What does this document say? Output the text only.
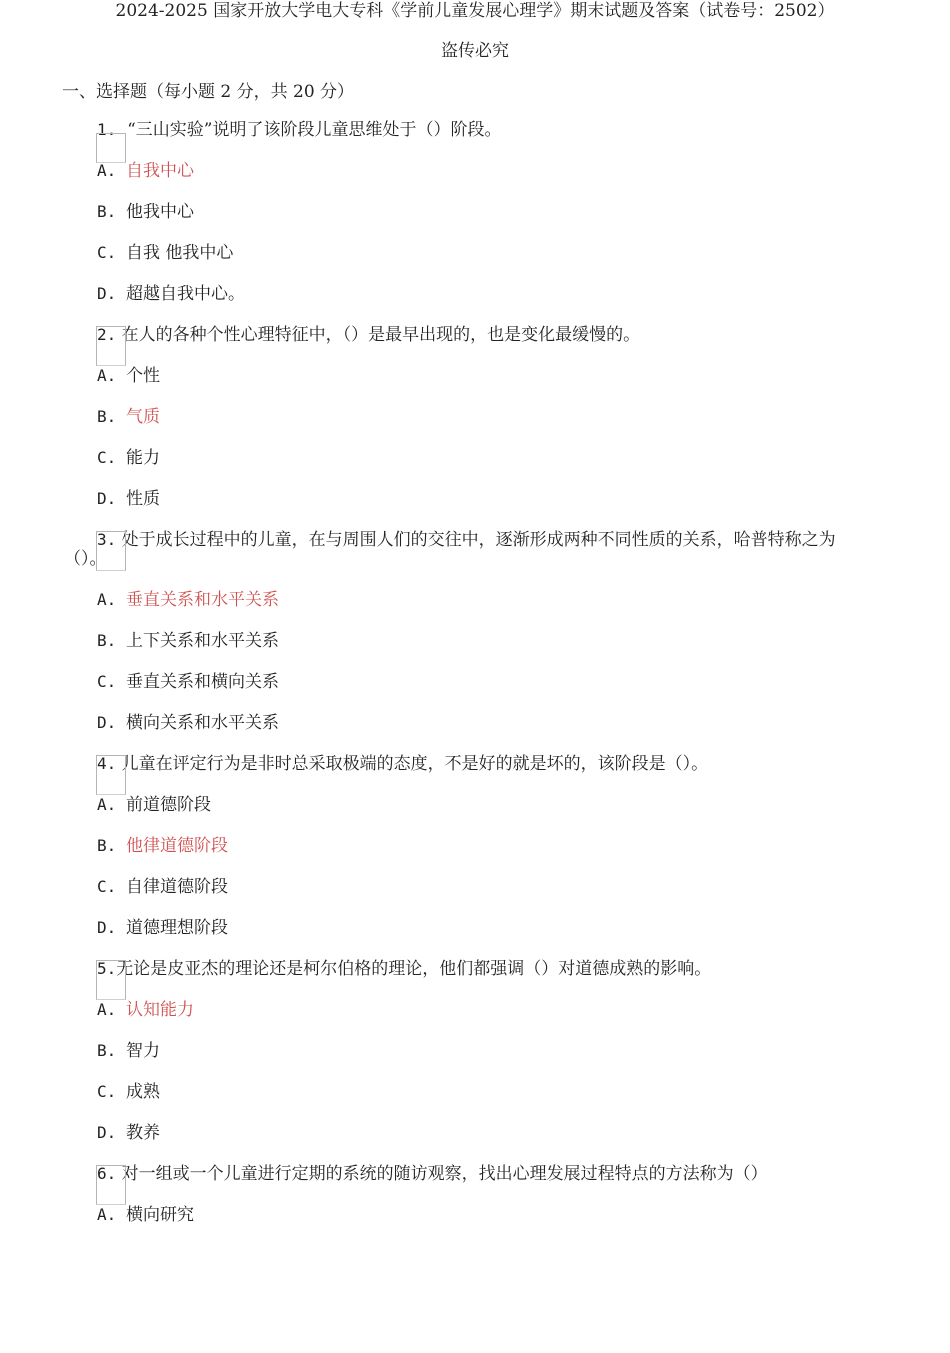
2024-2025 国家开放大学电大专科《学前儿童发展心理学》期末试题及答案（试卷号：2502）
盗传必究
一、选择题（每小题 2 分，共 20 分）
1. “三山实验”说明了该阶段儿童思维处于（）阶段。
A. 自我中心
B. 他我中心
C. 自我 他我中心
D. 超越自我中心。
2. 在人的各种个性心理特征中，（）是最早出现的，也是变化最缓慢的。
A. 个性
B. 气质
C. 能力
D. 性质
3. 处于成长过程中的儿童，在与周围人们的交往中，逐渐形成两种不同性质的关系，哈普特称之为
（）。
A. 垂直关系和水平关系
B. 上下关系和水平关系
C. 垂直关系和横向关系
D. 横向关系和水平关系
4. 儿童在评定行为是非时总采取极端的态度，不是好的就是坏的，该阶段是（）。
A. 前道德阶段
B. 他律道德阶段
C. 自律道德阶段
D. 道德理想阶段
5.无论是皮亚杰的理论还是柯尔伯格的理论，他们都强调（）对道德成熟的影响。
A. 认知能力
B. 智力
C. 成熟
D. 教养
6. 对一组或一个儿童进行定期的系统的随访观察，找出心理发展过程特点的方法称为（）
A. 横向研究
